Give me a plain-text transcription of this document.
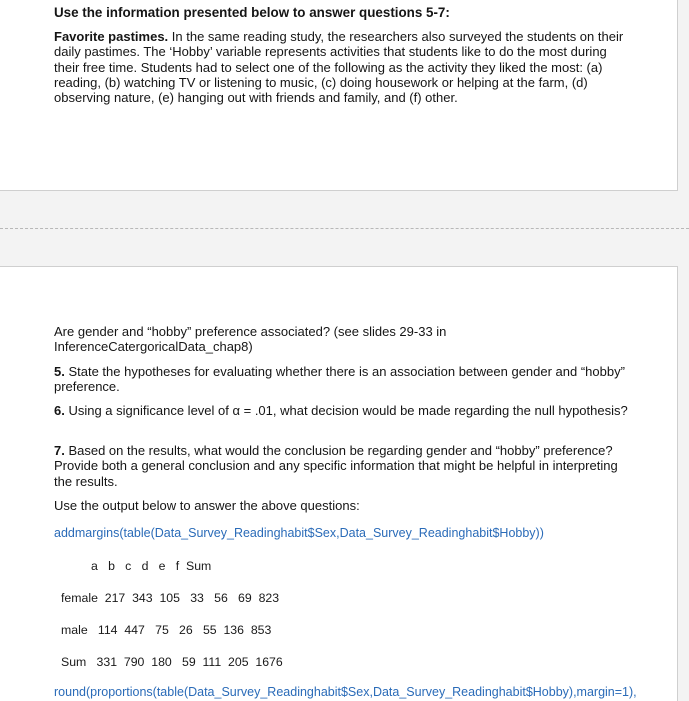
Use the information presented below to answer questions 5-7:
Favorite pastimes. In the same reading study, the researchers also surveyed the students on their daily pastimes. The ‘Hobby’ variable represents activities that students like to do the most during their free time. Students had to select one of the following as the activity they liked the most: (a) reading, (b) watching TV or listening to music, (c) doing housework or helping at the farm, (d) observing nature, (e) hanging out with friends and family, and (f) other.
Are gender and “hobby” preference associated? (see slides 29-33 in InferenceCatergoricalData_chap8)
5. State the hypotheses for evaluating whether there is an association between gender and “hobby” preference.
6. Using a significance level of α = .01, what decision would be made regarding the null hypothesis?
7. Based on the results, what would the conclusion be regarding gender and “hobby” preference? Provide both a general conclusion and any specific information that might be helpful in interpreting the results.
Use the output below to answer the above questions:
addmargins(table(Data_Survey_Readinghabit$Sex,Data_Survey_Readinghabit$Hobby))
a   b   c   d   e   f  Sum
female  217  343  105   33   56   69  823
male   114  447   75   26   55  136  853
Sum   331  790  180   59  111  205  1676
round(proportions(table(Data_Survey_Readinghabit$Sex,Data_Survey_Readinghabit$Hobby),margin=1),
